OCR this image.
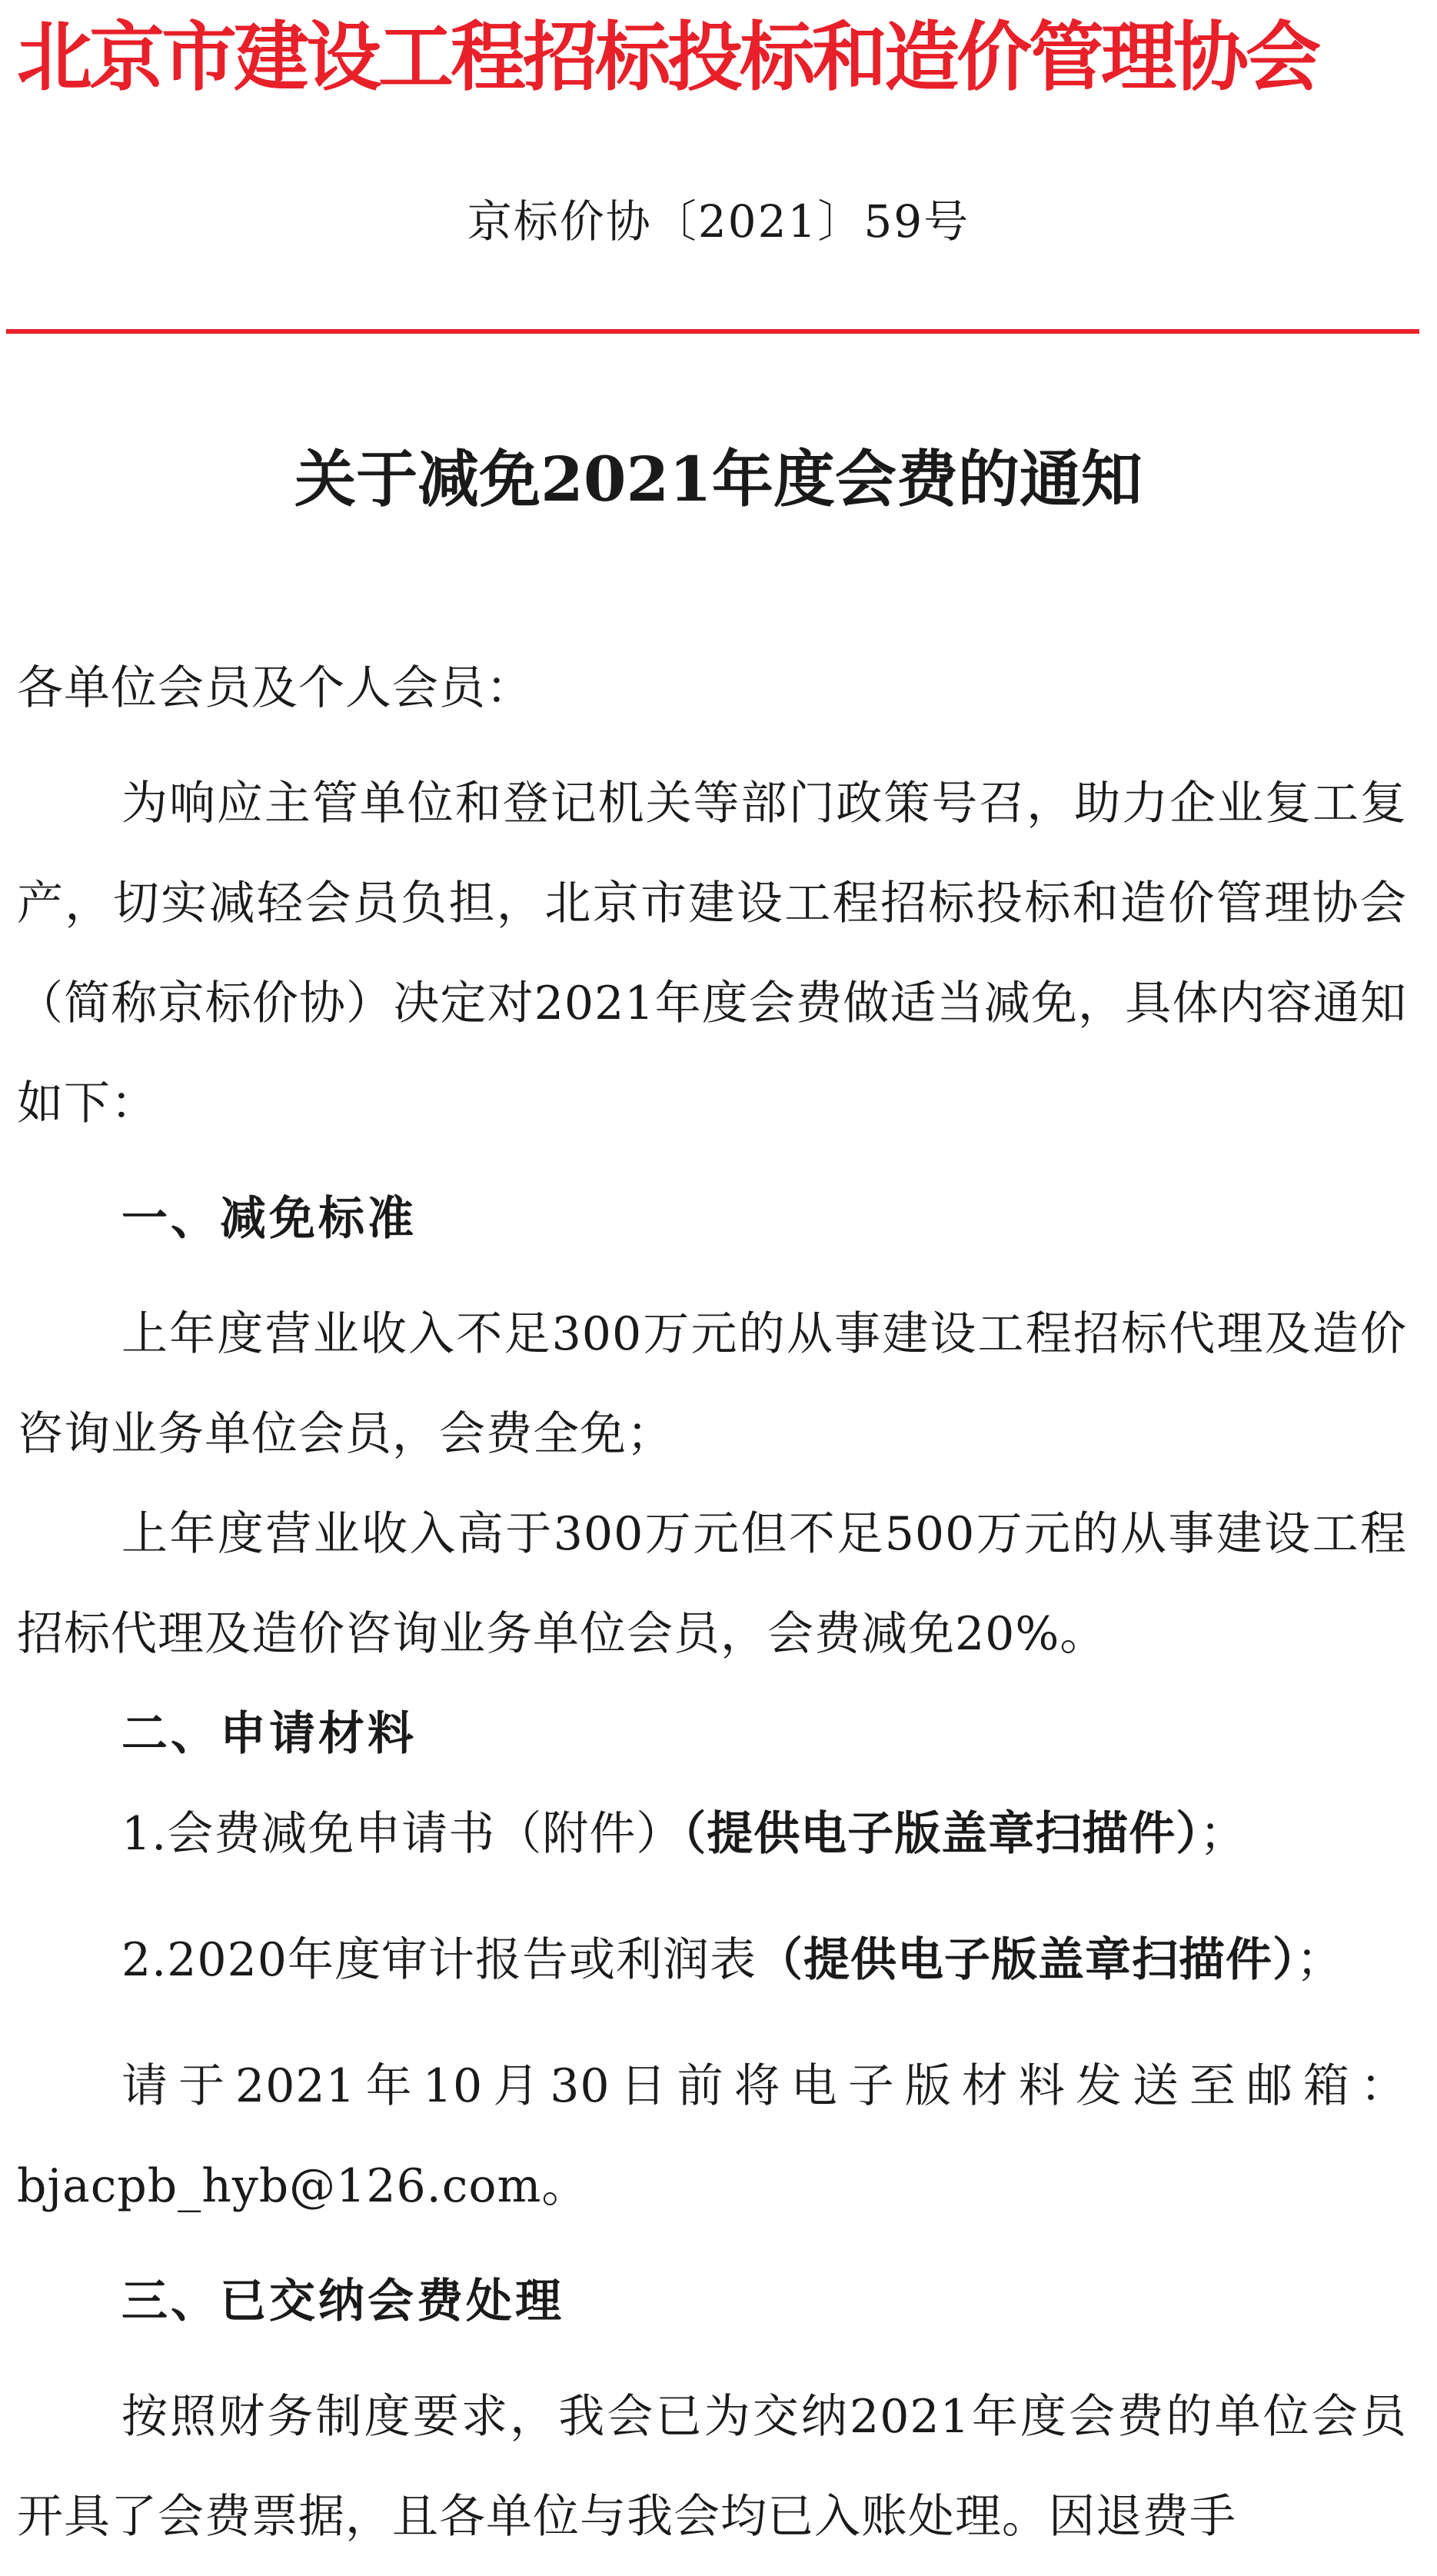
北京市建设工程招标投标和造价管理协会
京标价协〔2021〕59号
关于减免2021年度会费的通知

各单位会员及个人会员：

为响应主管单位和登记机关等部门政策号召，助力企业复工复产，切实减轻会员负担，北京市建设工程招标投标和造价管理协会（简称京标价协）决定对2021年度会费做适当减免，具体内容通知如下：

一、减免标准

上年度营业收入不足300万元的从事建设工程招标代理及造价咨询业务单位会员，会费全免；

上年度营业收入高于300万元但不足500万元的从事建设工程招标代理及造价咨询业务单位会员，会费减免20%。

二、申请材料

1.会费减免申请书（附件）（提供电子版盖章扫描件）；

2.2020年度审计报告或利润表（提供电子版盖章扫描件）；

请于2021年10月30日前将电子版材料发送至邮箱：bjacpb_hyb@126.com。

三、已交纳会费处理

按照财务制度要求，我会已为交纳2021年度会费的单位会员开具了会费票据，且各单位与我会均已入账处理。因退费手
